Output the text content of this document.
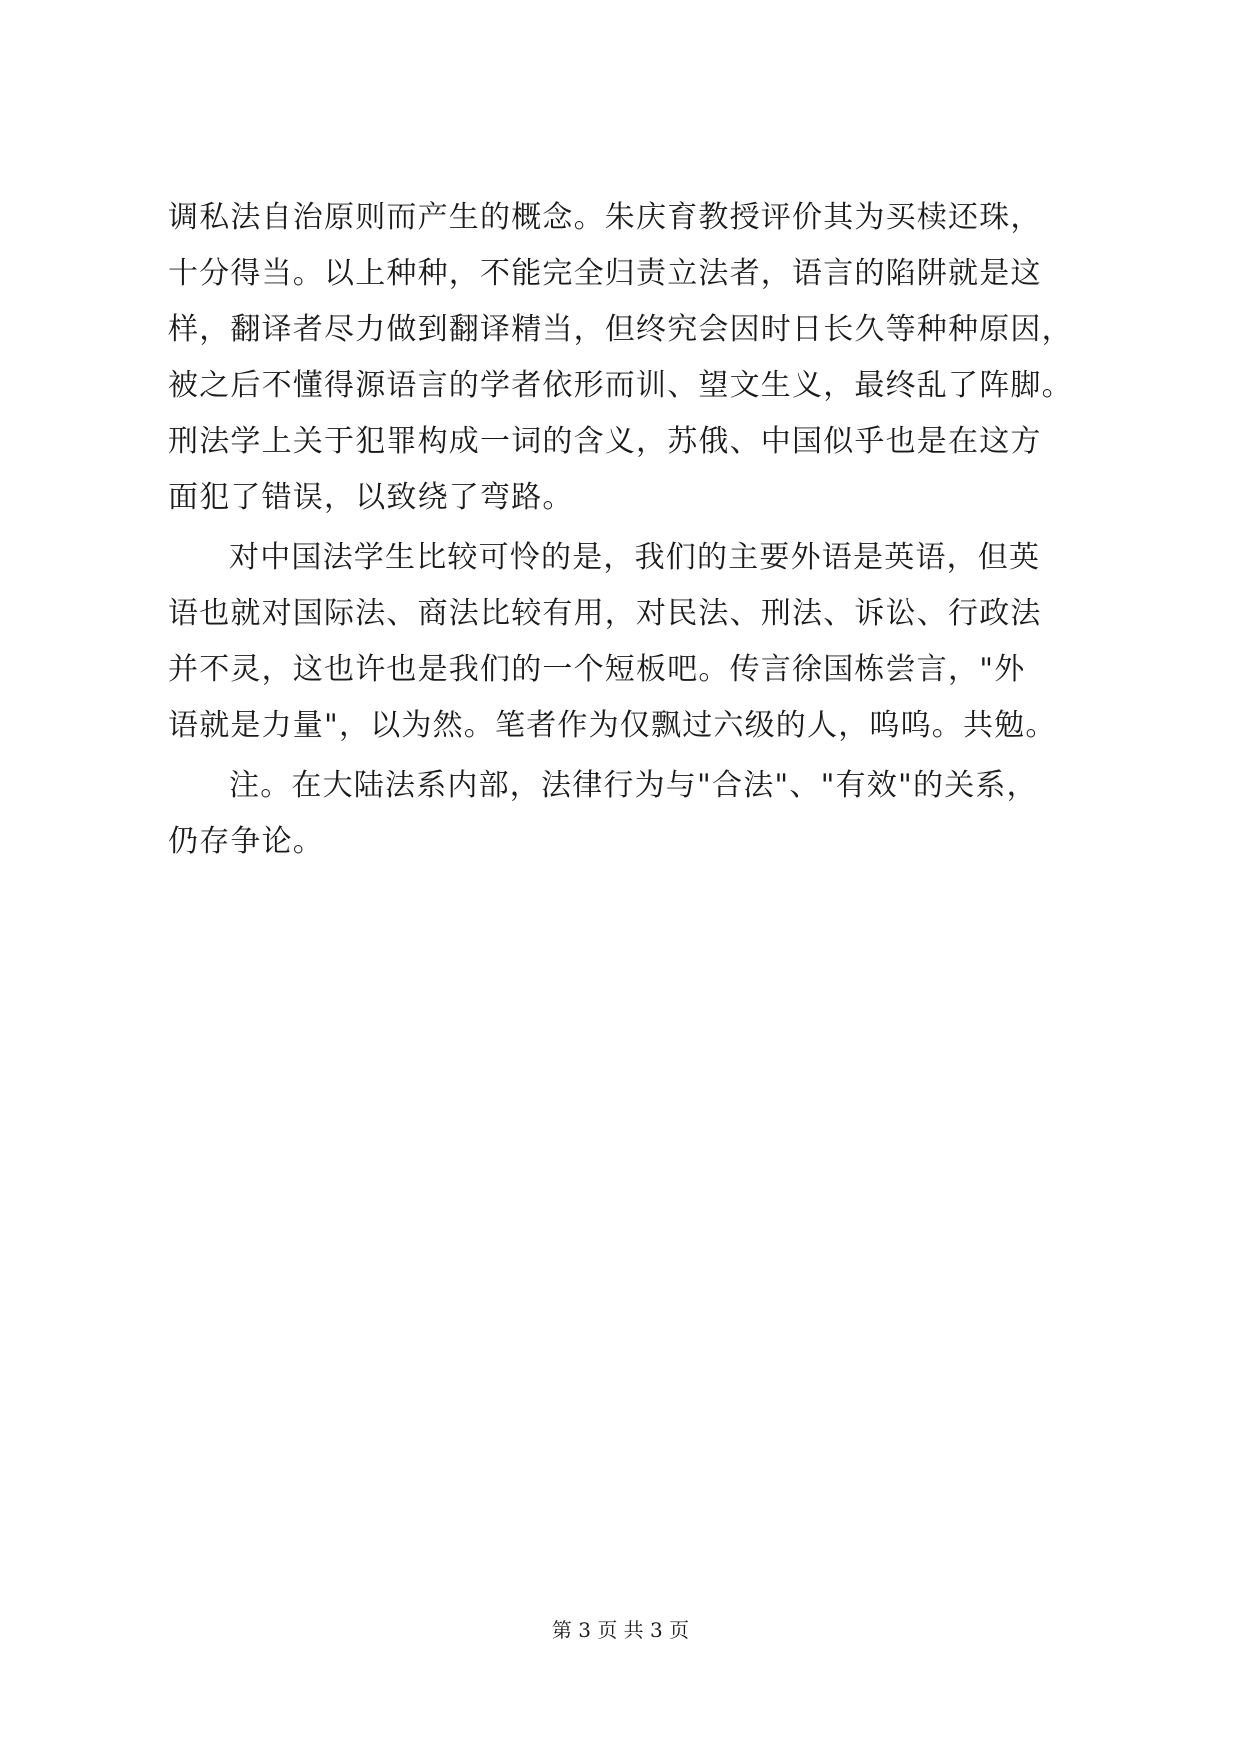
调私法自治原则而产生的概念。朱庆育教授评价其为买椟还珠，
十分得当。以上种种，不能完全归责立法者，语言的陷阱就是这
样，翻译者尽力做到翻译精当，但终究会因时日长久等种种原因，
被之后不懂得源语言的学者依形而训、望文生义，最终乱了阵脚。
刑法学上关于犯罪构成一词的含义，苏俄、中国似乎也是在这方
面犯了错误，以致绕了弯路。
对中国法学生比较可怜的是，我们的主要外语是英语，但英
语也就对国际法、商法比较有用，对民法、刑法、诉讼、行政法
并不灵，这也许也是我们的一个短板吧。传言徐国栋尝言，"外
语就是力量"，以为然。笔者作为仅飘过六级的人，呜呜。共勉。
注。在大陆法系内部，法律行为与"合法"、"有效"的关系，
仍存争论。
第 3 页 共 3 页
